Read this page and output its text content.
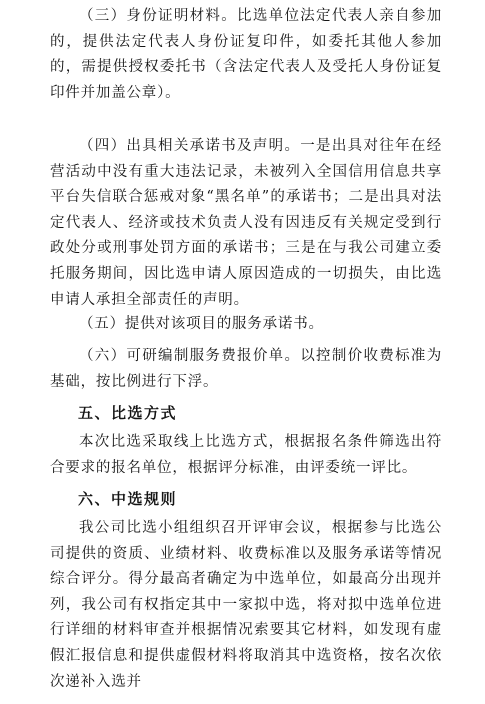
（三）身份证明材料。比选单位法定代表人亲自参加的，提供法定代表人身份证复印件，如委托其他人参加的，需提供授权委托书（含法定代表人及受托人身份证复印件并加盖公章）。

（四）出具相关承诺书及声明。一是出具对往年在经营活动中没有重大违法记录，未被列入全国信用信息共享平台失信联合惩戒对象“黑名单”的承诺书；二是出具对法定代表人、经济或技术负责人没有因违反有关规定受到行政处分或刑事处罚方面的承诺书；三是在与我公司建立委托服务期间，因比选申请人原因造成的一切损失，由比选申请人承担全部责任的声明。

（五）提供对该项目的服务承诺书。

（六）可研编制服务费报价单。以控制价收费标准为基础，按比例进行下浮。

五、比选方式

本次比选采取线上比选方式，根据报名条件筛选出符合要求的报名单位，根据评分标准，由评委统一评比。

六、中选规则

我公司比选小组组织召开评审会议，根据参与比选公司提供的资质、业绩材料、收费标准以及服务承诺等情况综合评分。得分最高者确定为中选单位，如最高分出现并列，我公司有权指定其中一家拟中选，将对拟中选单位进行详细的材料审查并根据情况索要其它材料，如发现有虚假汇报信息和提供虚假材料将取消其中选资格，按名次依次递补入选并
